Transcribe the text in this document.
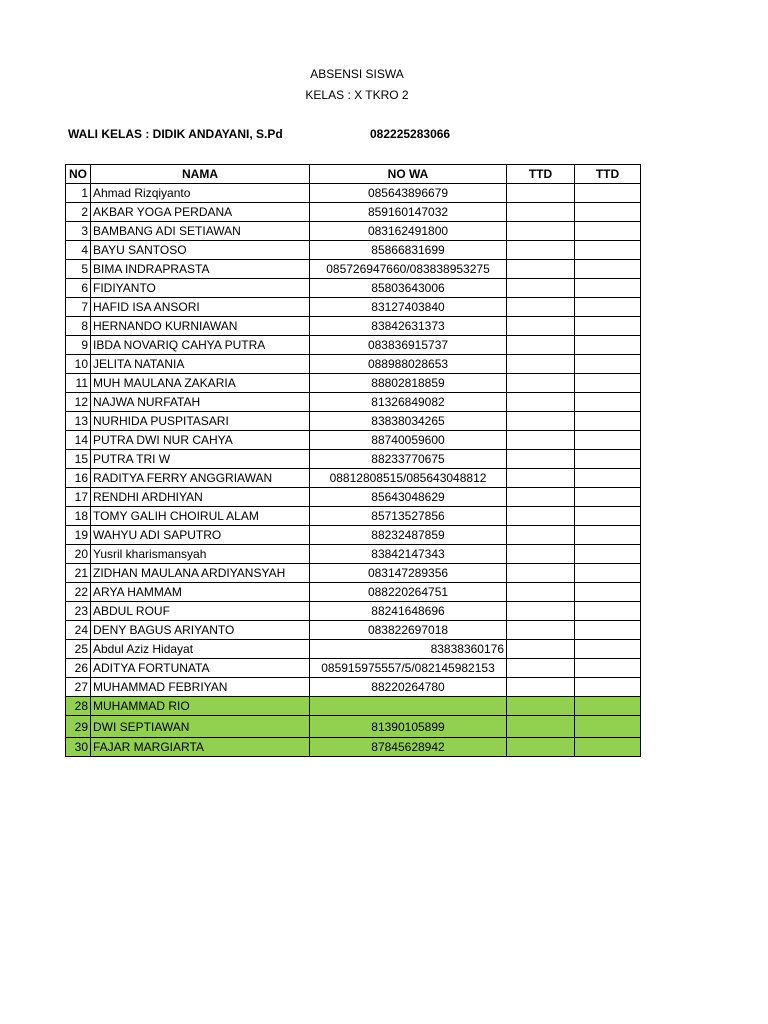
ABSENSI SISWA
KELAS : X TKRO 2
WALI KELAS : DIDIK ANDAYANI, S.Pd	082225283066
NO	NAMA	NO WA	TTD	TTD
1	Ahmad Rizqiyanto	085643896679		
2	AKBAR YOGA PERDANA	859160147032		
3	BAMBANG ADI SETIAWAN	083162491800		
4	BAYU SANTOSO	85866831699		
5	BIMA INDRAPRASTA	085726947660/083838953275		
6	FIDIYANTO	85803643006		
7	HAFID ISA ANSORI	83127403840		
8	HERNANDO KURNIAWAN	83842631373		
9	IBDA NOVARIQ CAHYA PUTRA	083836915737		
10	JELITA NATANIA	088988028653		
11	MUH MAULANA ZAKARIA	88802818859		
12	NAJWA NURFATAH	81326849082		
13	NURHIDA PUSPITASARI	83838034265		
14	PUTRA DWI NUR CAHYA	88740059600		
15	PUTRA TRI W	88233770675		
16	RADITYA FERRY ANGGRIAWAN	08812808515/085643048812		
17	RENDHI ARDHIYAN	85643048629		
18	TOMY GALIH CHOIRUL ALAM	85713527856		
19	WAHYU ADI SAPUTRO	88232487859		
20	Yusril kharismansyah	83842147343		
21	ZIDHAN MAULANA ARDIYANSYAH	083147289356		
22	ARYA HAMMAM	088220264751		
23	ABDUL ROUF	88241648696		
24	DENY BAGUS ARIYANTO	083822697018		
25	Abdul Aziz Hidayat	83838360176		
26	ADITYA FORTUNATA	085915975557/5/082145982153		
27	MUHAMMAD FEBRIYAN	88220264780		
28	MUHAMMAD RIO			
29	DWI SEPTIAWAN	81390105899		
30	FAJAR MARGIARTA	87845628942		
